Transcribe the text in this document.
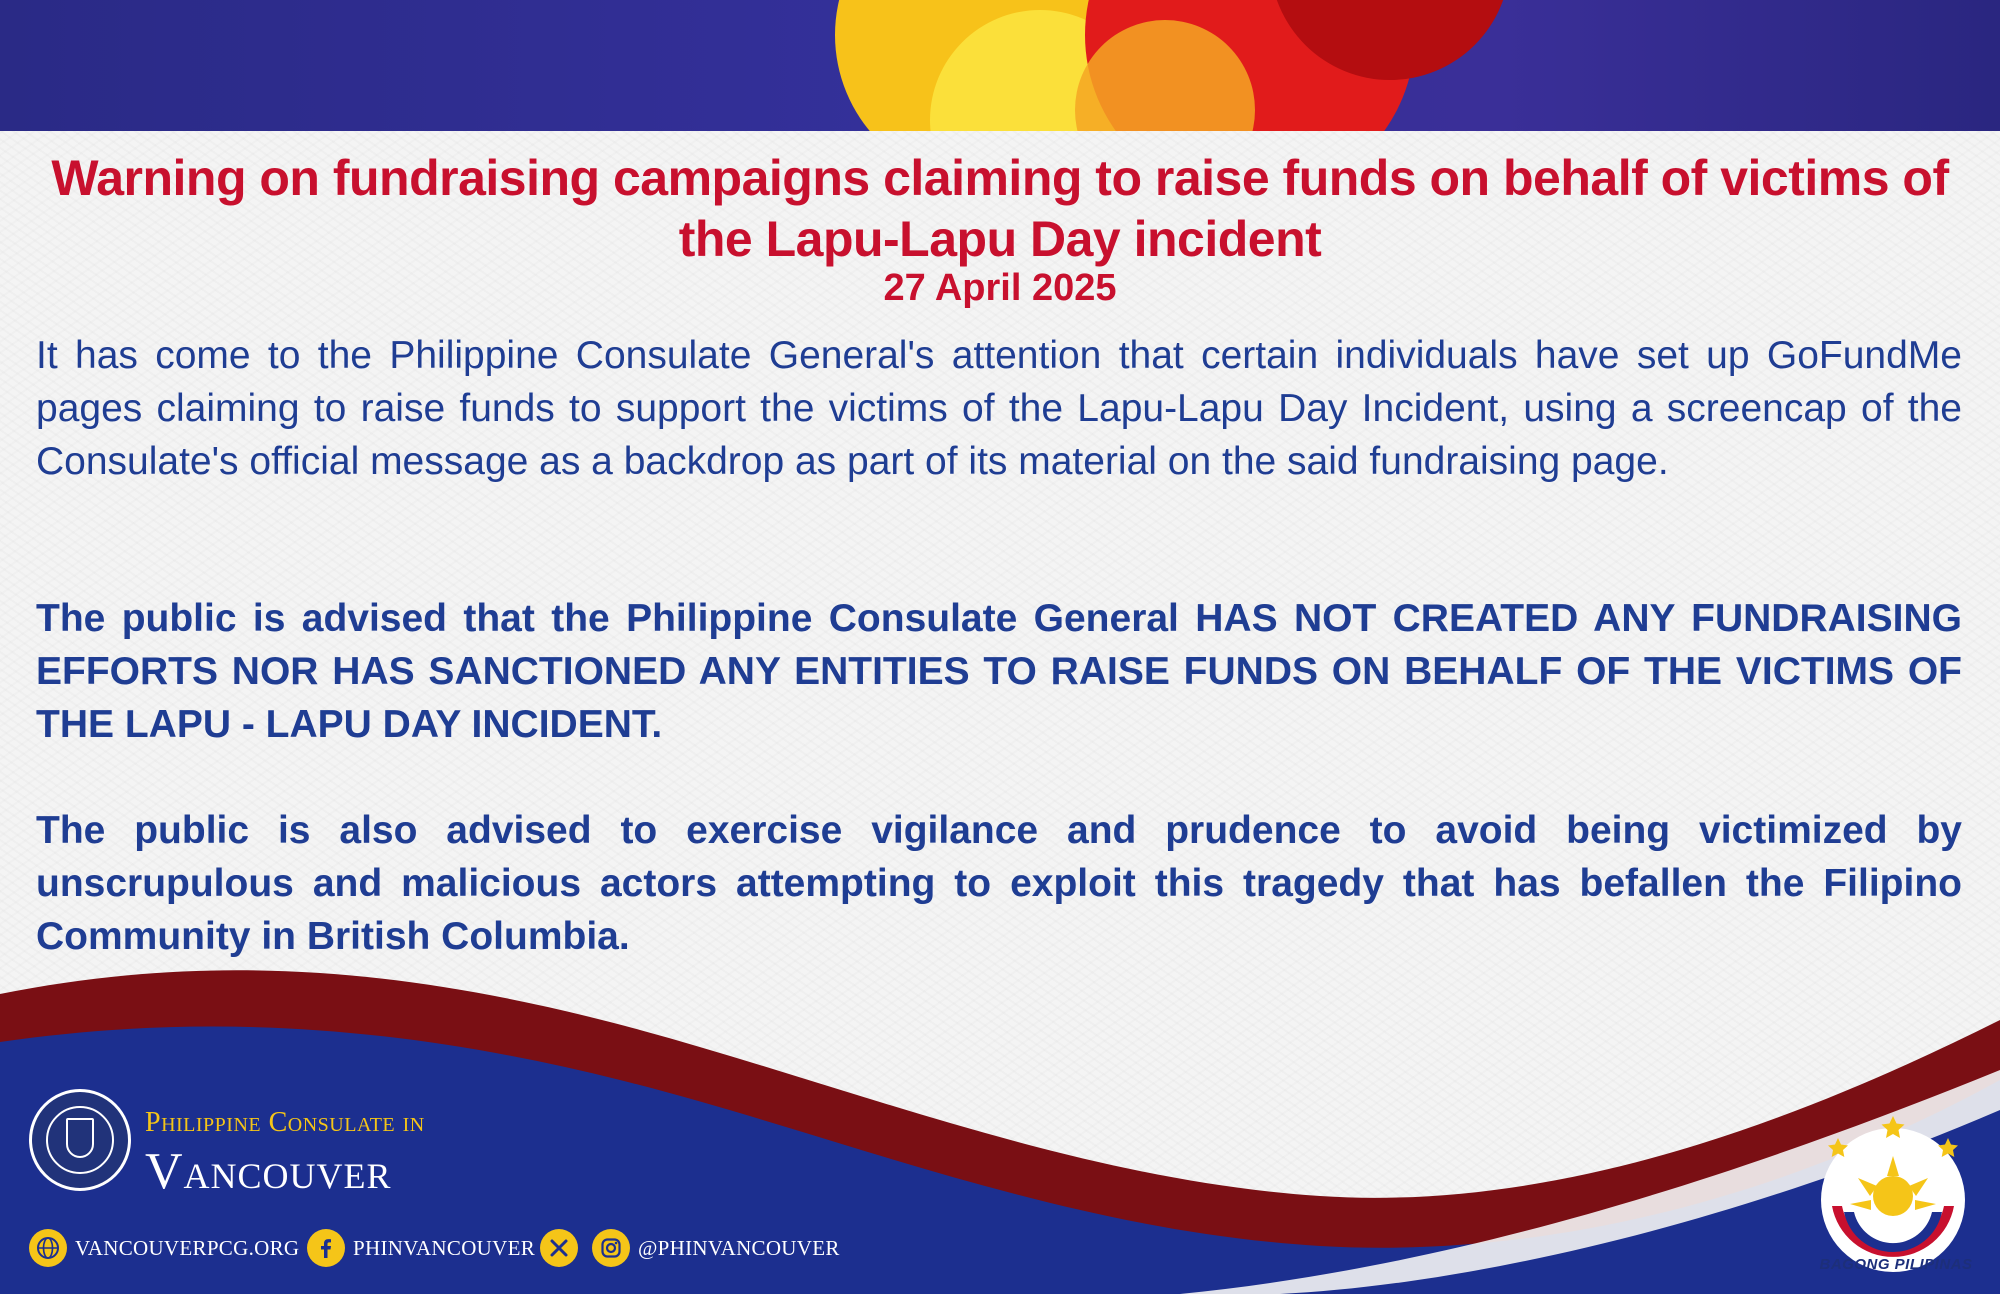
Warning on fundraising campaigns claiming to raise funds on behalf of victims of the Lapu-Lapu Day incident
27 April 2025
It has come to the Philippine Consulate General's attention that certain individuals have set up GoFundMe pages claiming to raise funds to support the victims of the Lapu-Lapu Day Incident, using a screencap of the Consulate's official message as a backdrop as part of its material on the said fundraising page.
The public is advised that the Philippine Consulate General HAS NOT CREATED ANY FUNDRAISING EFFORTS NOR HAS SANCTIONED ANY ENTITIES TO RAISE FUNDS ON BEHALF OF THE VICTIMS OF THE LAPU - LAPU DAY INCIDENT.
The public is also advised to exercise vigilance and prudence to avoid being victimized by unscrupulous and malicious actors attempting to exploit this tragedy that has befallen the Filipino Community in British Columbia.
Philippine Consulate in
Vancouver
VANCOUVERPCG.ORG	PHINVANCOUVER	@PHINVANCOUVER
BAGONG PILIPINAS
